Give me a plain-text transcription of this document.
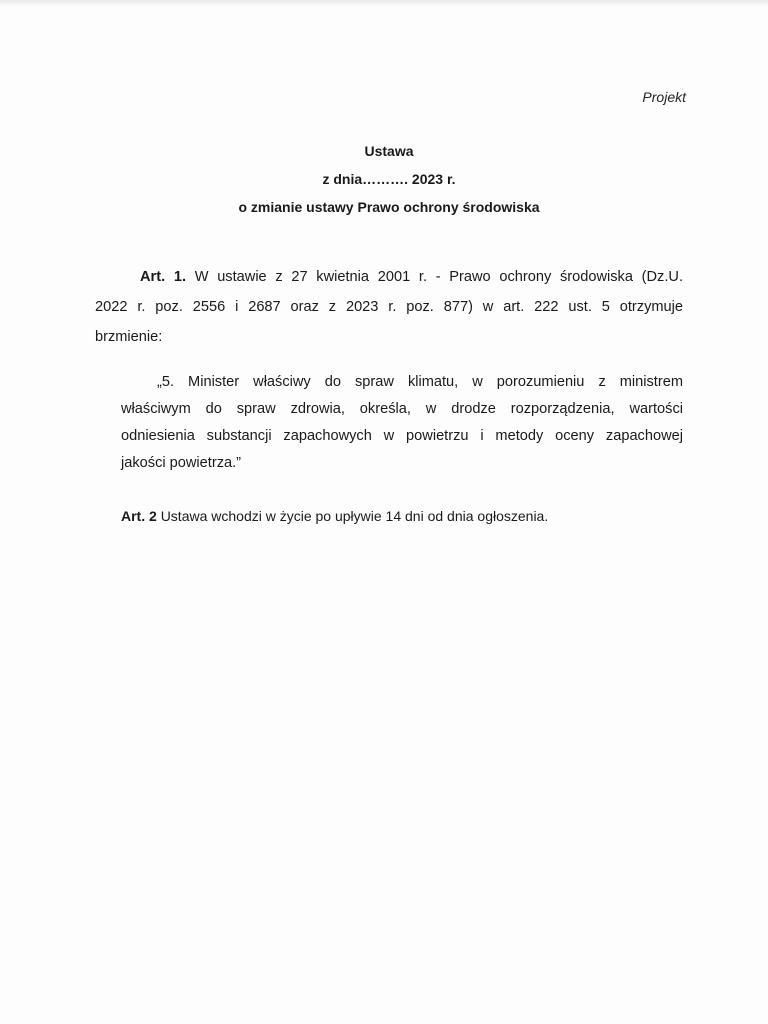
Projekt
Ustawa
z dnia………. 2023 r.
o zmianie ustawy Prawo ochrony środowiska
Art. 1. W ustawie z 27 kwietnia 2001 r. - Prawo ochrony środowiska (Dz.U.
2022 r. poz. 2556 i 2687 oraz z 2023 r. poz. 877) w art. 222 ust. 5 otrzymuje
brzmienie:
„5. Minister właściwy do spraw klimatu, w porozumieniu z ministrem
właściwym do spraw zdrowia, określa, w drodze rozporządzenia, wartości
odniesienia substancji zapachowych w powietrzu i metody oceny zapachowej
jakości powietrza.”
Art. 2 Ustawa wchodzi w życie po upływie 14 dni od dnia ogłoszenia.
